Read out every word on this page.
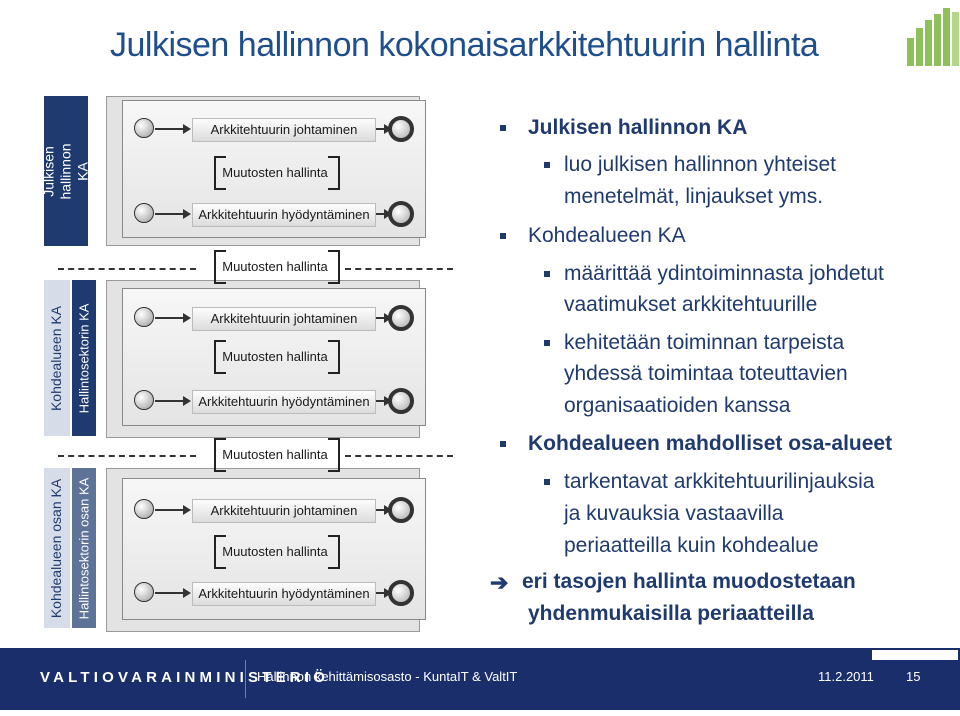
Julkisen hallinnon kokonaisarkkitehtuurin hallinta
Julkisen hallinnon KA
Kohdealueen KA Hallintosektorin KA
Kohdealueen osan KA Hallintosektorin osan KA
Arkkitehtuurin johtaminen
Muutosten hallinta
Arkkitehtuurin hyödyntäminen
Muutosten hallinta
Arkkitehtuurin johtaminen
Muutosten hallinta
Arkkitehtuurin hyödyntäminen
Muutosten hallinta
Arkkitehtuurin johtaminen
Muutosten hallinta
Arkkitehtuurin hyödyntäminen
Julkisen hallinnon KA
luo julkisen hallinnon yhteiset
menetelmät, linjaukset yms.
Kohdealueen KA
määrittää ydintoiminnasta johdetut
vaatimukset arkkitehtuurille
kehitetään toiminnan tarpeista
yhdessä toimintaa toteuttavien
organisaatioiden kanssa
Kohdealueen mahdolliset osa-alueet
tarkentavat arkkitehtuurilinjauksia
ja kuvauksia vastaavilla
periaatteilla kuin kohdealue
➔ eri tasojen hallinta muodostetaan
yhdenmukaisilla periaatteilla
VALTIOVARAINMINISTERIÖ
Hallinnon kehittämisosasto - KuntaIT & ValtIT	11.2.2011 15
